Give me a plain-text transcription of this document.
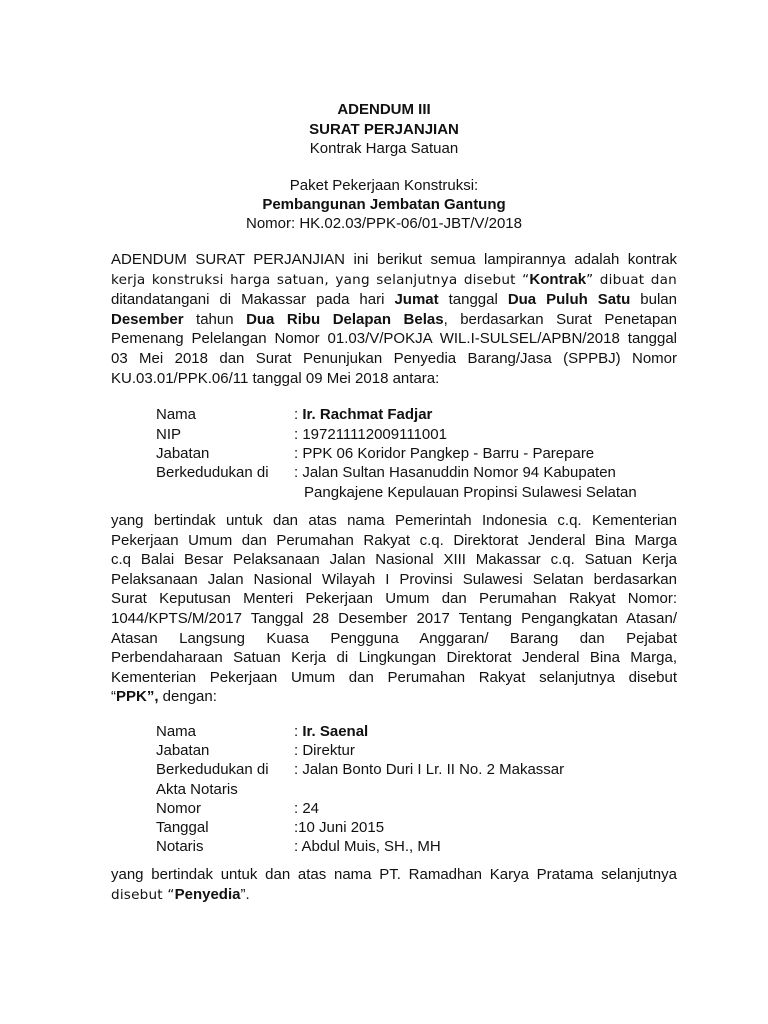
ADENDUM III
SURAT PERJANJIAN
Kontrak Harga Satuan
Paket Pekerjaan Konstruksi:
Pembangunan Jembatan Gantung
Nomor: HK.02.03/PPK-06/01-JBT/V/2018
ADENDUM SURAT PERJANJIAN ini berikut semua lampirannya adalah kontrak
kerja konstruksi harga satuan, yang selanjutnya disebut “Kontrak” dibuat dan
ditandatangani di Makassar pada hari Jumat tanggal Dua Puluh Satu bulan
Desember tahun Dua Ribu Delapan Belas, berdasarkan Surat Penetapan
Pemenang Pelelangan Nomor 01.03/V/POKJA WIL.I-SULSEL/APBN/2018 tanggal
03 Mei 2018 dan Surat Penunjukan Penyedia Barang/Jasa (SPPBJ) Nomor
KU.03.01/PPK.06/11 tanggal 09 Mei 2018 antara:
Nama	: Ir. Rachmat Fadjar
NIP	: 197211112009111001
Jabatan	: PPK 06 Koridor Pangkep - Barru - Parepare
Berkedudukan di : Jalan Sultan Hasanuddin Nomor 94 Kabupaten
Pangkajene Kepulauan Propinsi Sulawesi Selatan
yang bertindak untuk dan atas nama Pemerintah Indonesia c.q. Kementerian
Pekerjaan Umum dan Perumahan Rakyat c.q. Direktorat Jenderal Bina Marga
c.q Balai Besar Pelaksanaan Jalan Nasional XIII Makassar c.q. Satuan Kerja
Pelaksanaan Jalan Nasional Wilayah I Provinsi Sulawesi Selatan berdasarkan
Surat Keputusan Menteri Pekerjaan Umum dan Perumahan Rakyat Nomor:
1044/KPTS/M/2017 Tanggal 28 Desember 2017 Tentang Pengangkatan Atasan/
Atasan Langsung Kuasa Pengguna Anggaran/ Barang dan Pejabat
Perbendaharaan Satuan Kerja di Lingkungan Direktorat Jenderal Bina Marga,
Kementerian Pekerjaan Umum dan Perumahan Rakyat selanjutnya disebut
“PPK”, dengan:
Nama	: Ir. Saenal
Jabatan	: Direktur
Berkedudukan di : Jalan Bonto Duri I Lr. II No. 2 Makassar
Akta Notaris
Nomor	: 24
Tanggal	:10 Juni 2015
Notaris	: Abdul Muis, SH., MH
yang bertindak untuk dan atas nama PT. Ramadhan Karya Pratama selanjutnya
disebut “Penyedia”.
